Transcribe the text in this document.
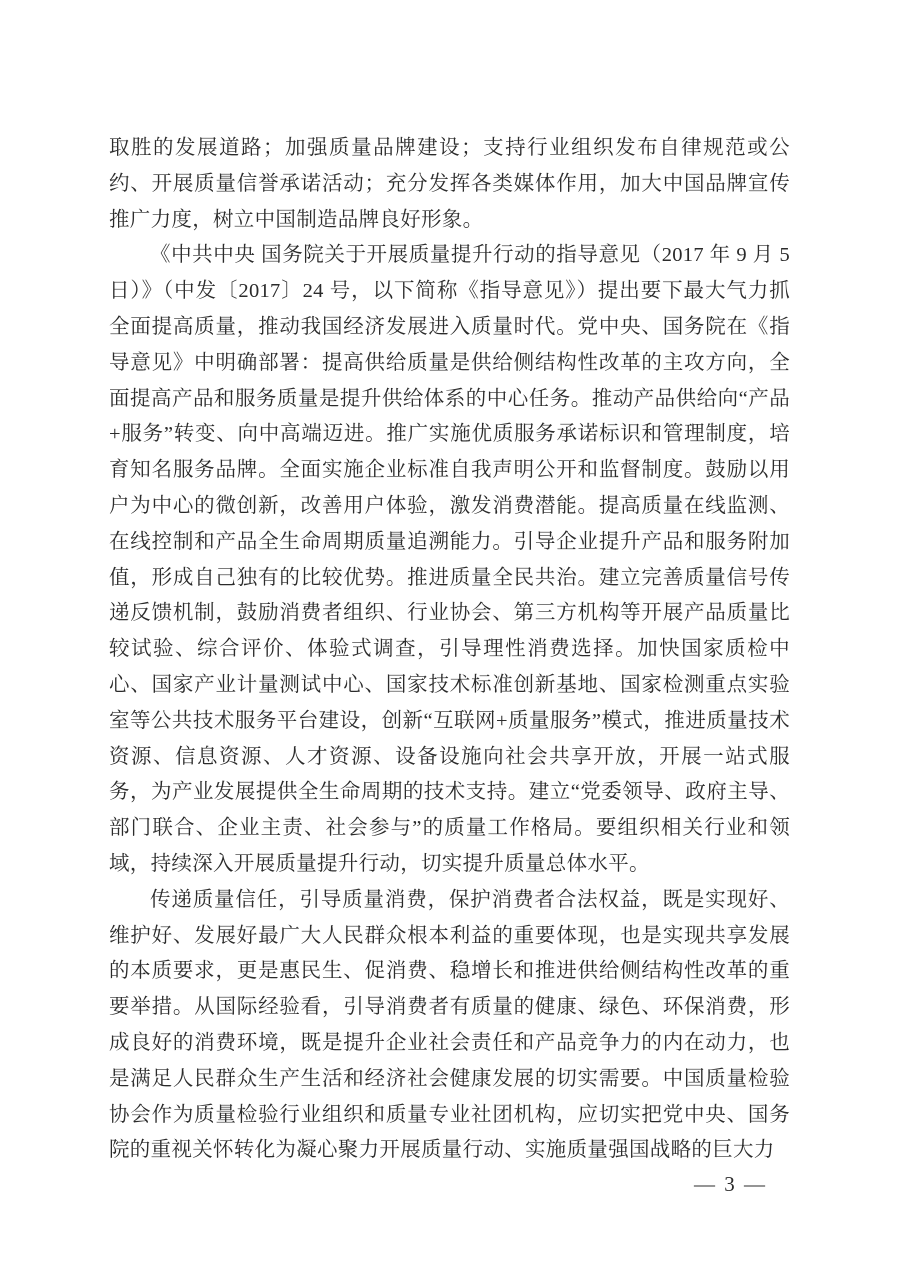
取胜的发展道路；加强质量品牌建设；支持行业组织发布自律规范或公约、开展质量信誉承诺活动；充分发挥各类媒体作用，加大中国品牌宣传推广力度，树立中国制造品牌良好形象。

《中共中央 国务院关于开展质量提升行动的指导意见（2017 年 9 月 5 日）》（中发〔2017〕24 号，以下简称《指导意见》）提出要下最大气力抓全面提高质量，推动我国经济发展进入质量时代。党中央、国务院在《指导意见》中明确部署：提高供给质量是供给侧结构性改革的主攻方向，全面提高产品和服务质量是提升供给体系的中心任务。推动产品供给向“产品+服务”转变、向中高端迈进。推广实施优质服务承诺标识和管理制度，培育知名服务品牌。全面实施企业标准自我声明公开和监督制度。鼓励以用户为中心的微创新，改善用户体验，激发消费潜能。提高质量在线监测、在线控制和产品全生命周期质量追溯能力。引导企业提升产品和服务附加值，形成自己独有的比较优势。推进质量全民共治。建立完善质量信号传递反馈机制，鼓励消费者组织、行业协会、第三方机构等开展产品质量比较试验、综合评价、体验式调查，引导理性消费选择。加快国家质检中心、国家产业计量测试中心、国家技术标准创新基地、国家检测重点实验室等公共技术服务平台建设，创新“互联网+质量服务”模式，推进质量技术资源、信息资源、人才资源、设备设施向社会共享开放，开展一站式服务，为产业发展提供全生命周期的技术支持。建立“党委领导、政府主导、部门联合、企业主责、社会参与”的质量工作格局。要组织相关行业和领域，持续深入开展质量提升行动，切实提升质量总体水平。

传递质量信任，引导质量消费，保护消费者合法权益，既是实现好、维护好、发展好最广大人民群众根本利益的重要体现，也是实现共享发展的本质要求，更是惠民生、促消费、稳增长和推进供给侧结构性改革的重要举措。从国际经验看，引导消费者有质量的健康、绿色、环保消费，形成良好的消费环境，既是提升企业社会责任和产品竞争力的内在动力，也是满足人民群众生产生活和经济社会健康发展的切实需要。中国质量检验协会作为质量检验行业组织和质量专业社团机构，应切实把党中央、国务院的重视关怀转化为凝心聚力开展质量行动、实施质量强国战略的巨大力

— 3 —
